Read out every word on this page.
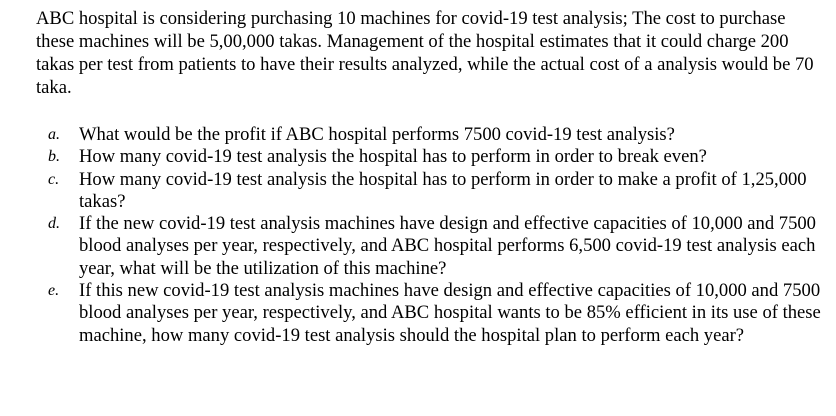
ABC hospital is considering purchasing 10 machines for covid-19 test analysis; The cost to purchase these machines will be 5,00,000 takas. Management of the hospital estimates that it could charge 200 takas per test from patients to have their results analyzed, while the actual cost of a analysis would be 70 taka.

a. What would be the profit if ABC hospital performs 7500 covid-19 test analysis?
b. How many covid-19 test analysis the hospital has to perform in order to break even?
c. How many covid-19 test analysis the hospital has to perform in order to make a profit of 1,25,000 takas?
d. If the new covid-19 test analysis machines have design and effective capacities of 10,000 and 7500 blood analyses per year, respectively, and ABC hospital performs 6,500 covid-19 test analysis each year, what will be the utilization of this machine?
e. If this new covid-19 test analysis machines have design and effective capacities of 10,000 and 7500 blood analyses per year, respectively, and ABC hospital wants to be 85% efficient in its use of these machine, how many covid-19 test analysis should the hospital plan to perform each year?
